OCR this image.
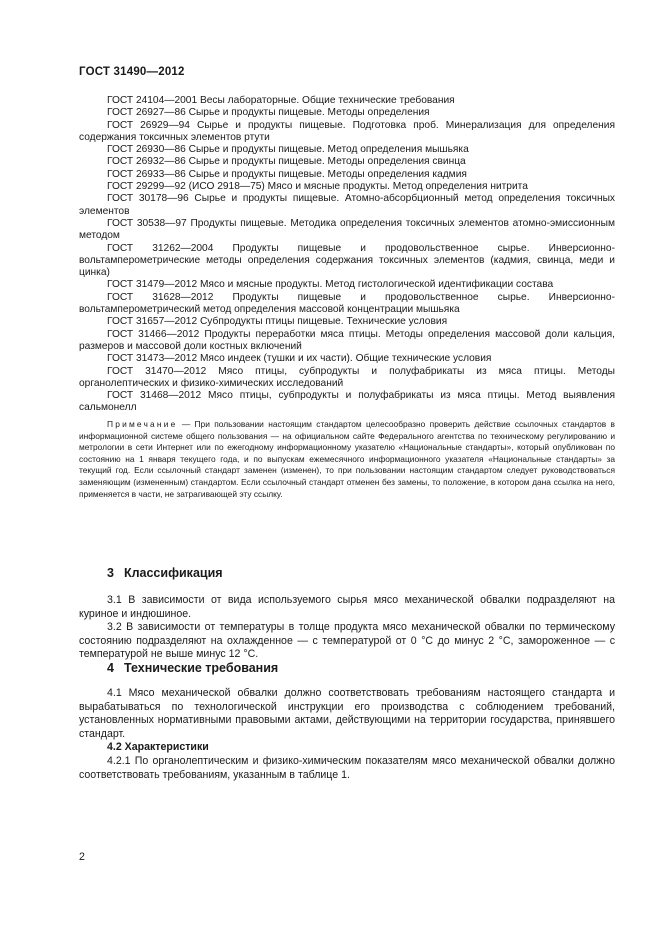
ГОСТ 31490—2012
ГОСТ 24104—2001 Весы лабораторные. Общие технические требования
ГОСТ 26927—86 Сырье и продукты пищевые. Методы определения
ГОСТ 26929—94 Сырье и продукты пищевые. Подготовка проб. Минерализация для определения содержания токсичных элементов ртути
ГОСТ 26930—86 Сырье и продукты пищевые. Метод определения мышьяка
ГОСТ 26932—86 Сырье и продукты пищевые. Методы определения свинца
ГОСТ 26933—86 Сырье и продукты пищевые. Методы определения кадмия
ГОСТ 29299—92 (ИСО 2918—75) Мясо и мясные продукты. Метод определения нитрита
ГОСТ 30178—96 Сырье и продукты пищевые. Атомно-абсорбционный метод определения токсичных элементов
ГОСТ 30538—97 Продукты пищевые. Методика определения токсичных элементов атомно-эмиссионным методом
ГОСТ 31262—2004 Продукты пищевые и продовольственное сырье. Инверсионно-вольтамперометрические методы определения содержания токсичных элементов (кадмия, свинца, меди и цинка)
ГОСТ 31479—2012 Мясо и мясные продукты. Метод гистологической идентификации состава
ГОСТ 31628—2012 Продукты пищевые и продовольственное сырье. Инверсионно-вольтамперометрический метод определения массовой концентрации мышьяка
ГОСТ 31657—2012 Субпродукты птицы пищевые. Технические условия
ГОСТ 31466—2012 Продукты переработки мяса птицы. Методы определения массовой доли кальция, размеров и массовой доли костных включений
ГОСТ 31473—2012 Мясо индеек (тушки и их части). Общие технические условия
ГОСТ 31470—2012 Мясо птицы, субпродукты и полуфабрикаты из мяса птицы. Методы органолептических и физико-химических исследований
ГОСТ 31468—2012 Мясо птицы, субпродукты и полуфабрикаты из мяса птицы. Метод выявления сальмонелл
Примечание — При пользовании настоящим стандартом целесообразно проверить действие ссылочных стандартов в информационной системе общего пользования — на официальном сайте Федерального агентства по техническому регулированию и метрологии в сети Интернет или по ежегодному информационному указателю «Национальные стандарты», который опубликован по состоянию на 1 января текущего года, и по выпускам ежемесячного информационного указателя «Национальные стандарты» за текущий год. Если ссылочный стандарт заменен (изменен), то при пользовании настоящим стандартом следует руководствоваться заменяющим (измененным) стандартом. Если ссылочный стандарт отменен без замены, то положение, в котором дана ссылка на него, применяется в части, не затрагивающей эту ссылку.
3 Классификация
3.1 В зависимости от вида используемого сырья мясо механической обвалки подразделяют на куриное и индюшиное.
3.2 В зависимости от температуры в толще продукта мясо механической обвалки по термическому состоянию подразделяют на охлажденное — с температурой от 0 °С до минус 2 °С, замороженное — с температурой не выше минус 12 °С.
4 Технические требования
4.1 Мясо механической обвалки должно соответствовать требованиям настоящего стандарта и вырабатываться по технологической инструкции его производства с соблюдением требований, установленных нормативными правовыми актами, действующими на территории государства, принявшего стандарт.
4.2 Характеристики
4.2.1 По органолептическим и физико-химическим показателям мясо механической обвалки должно соответствовать требованиям, указанным в таблице 1.
2
